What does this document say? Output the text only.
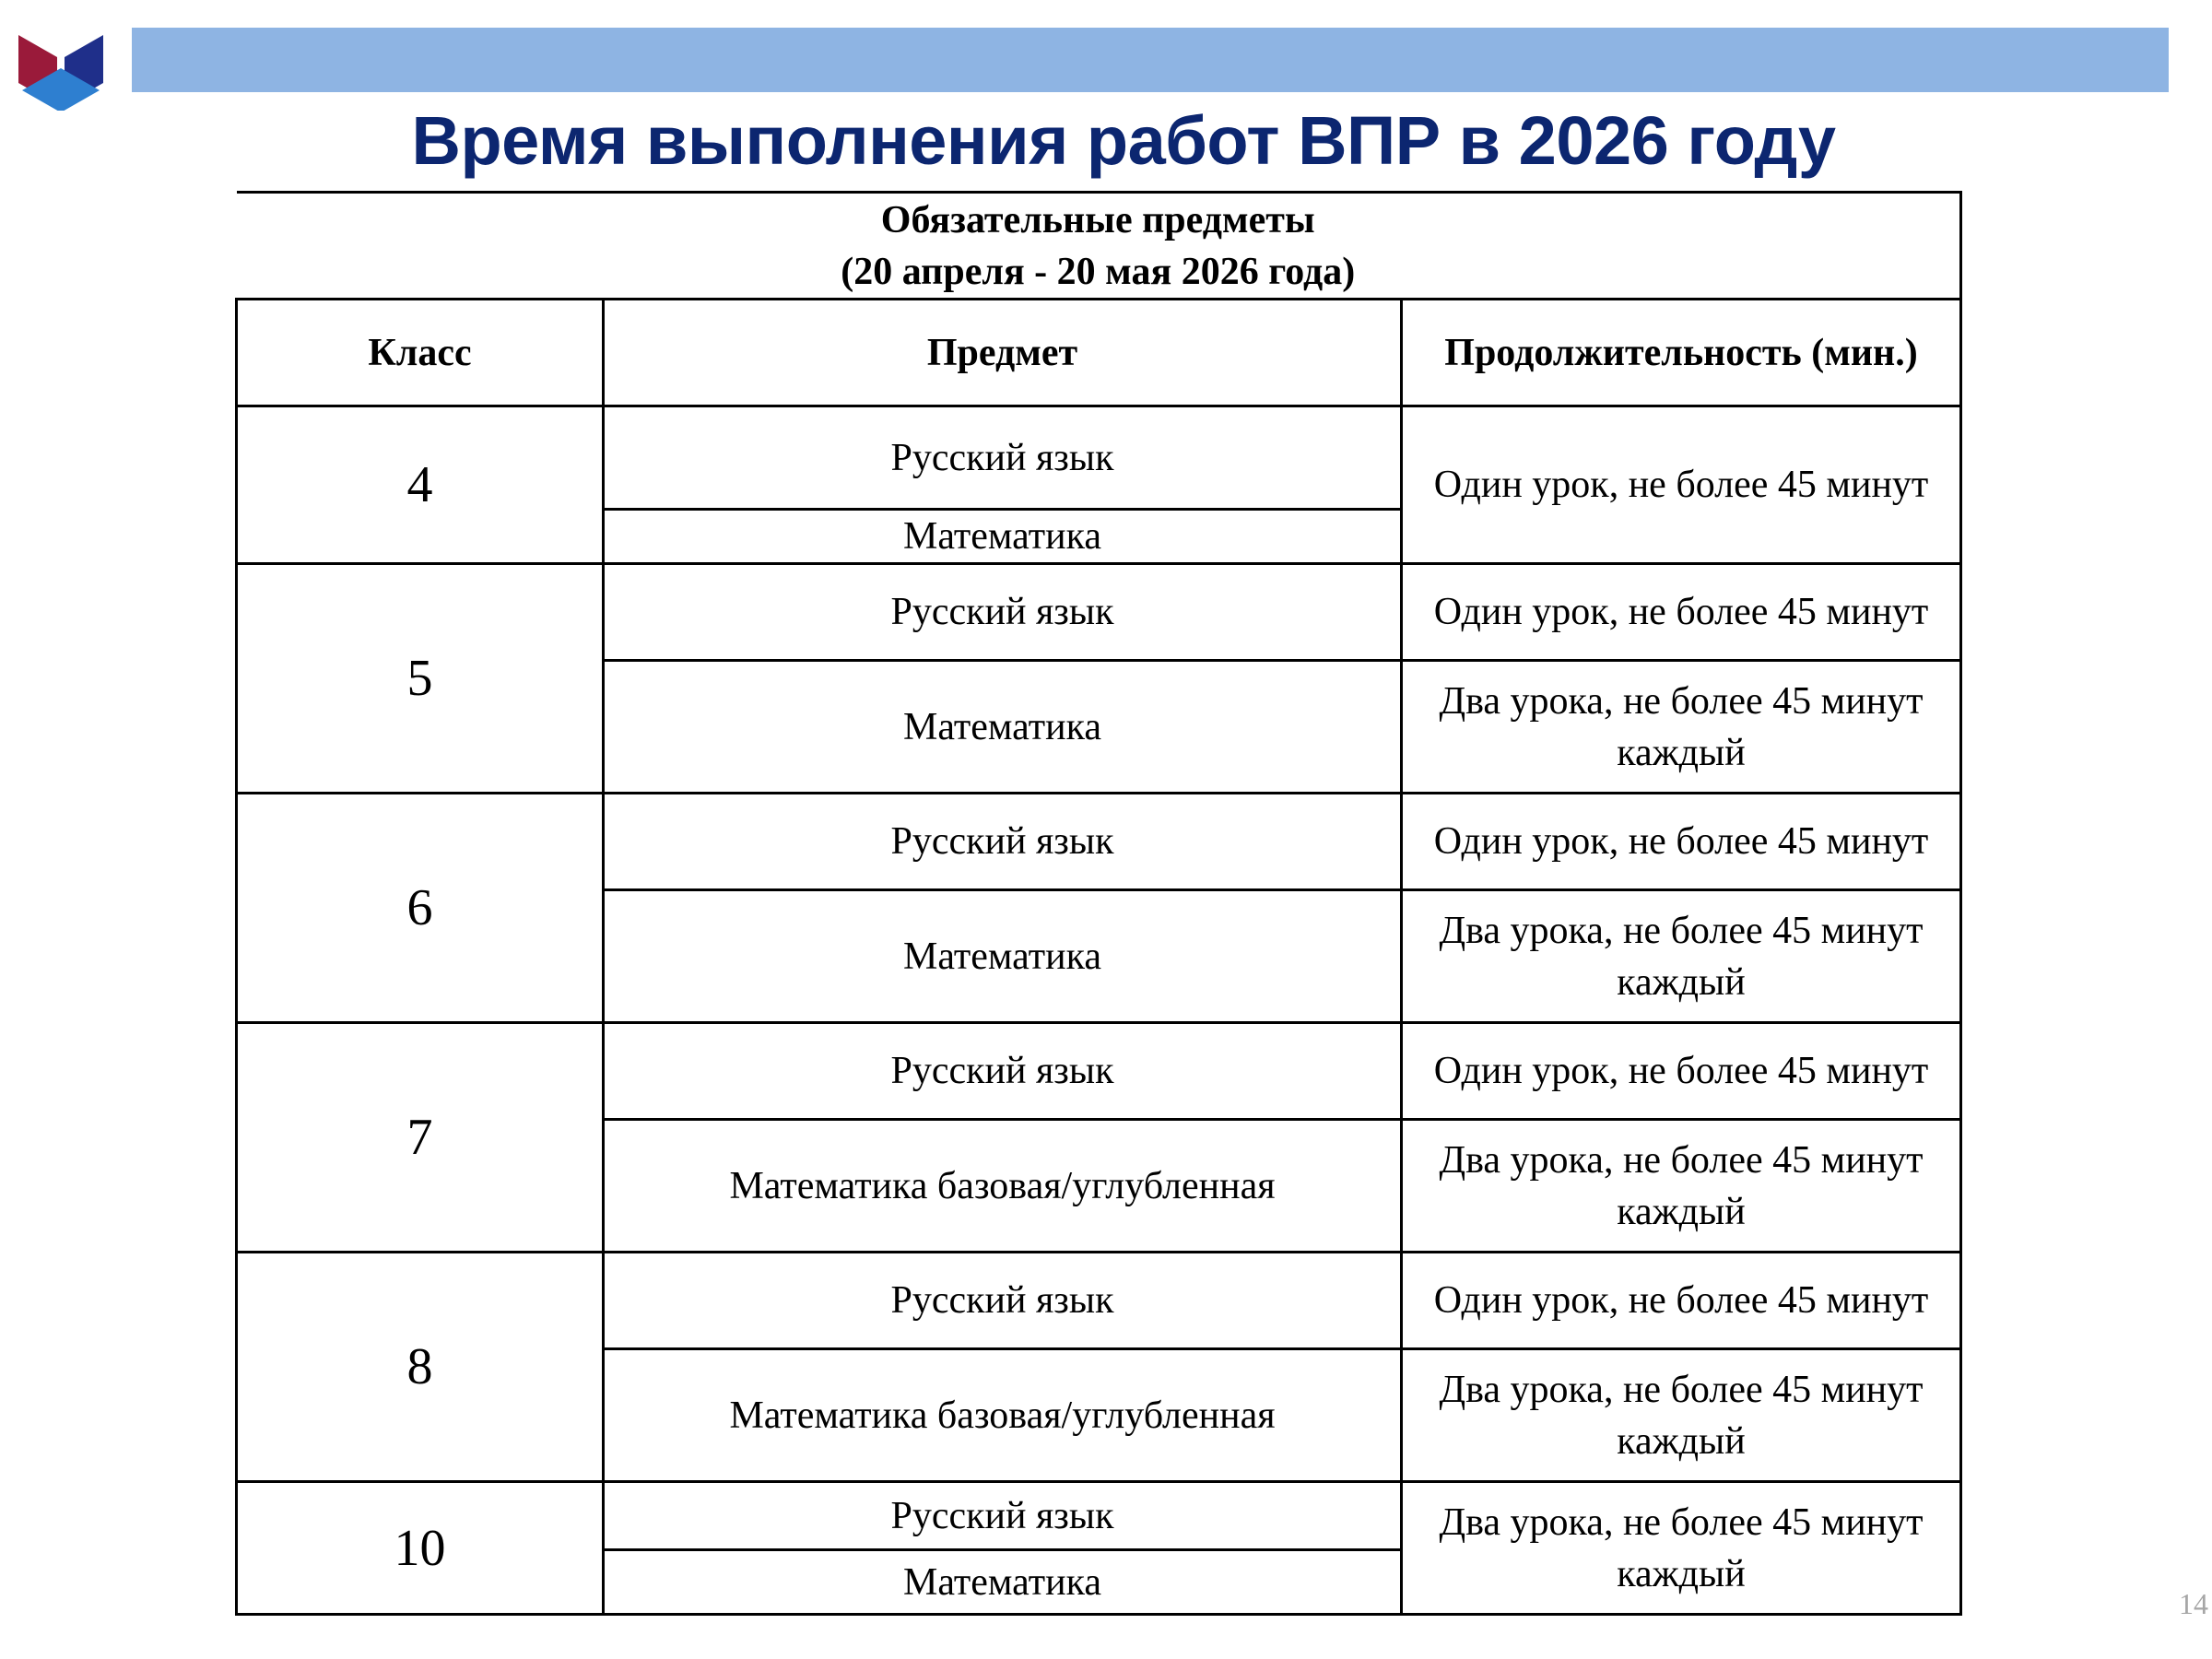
Время выполнения работ ВПР в 2026 году
Обязательные предметы
(20 апреля - 20 мая 2026 года)		

Класс	Предмет	Продолжительность (мин.)
4	Русский язык	Один урок, не более 45 минут
	Математика	
5	Русский язык	Один урок, не более 45 минут
	Математика	Два урока, не более 45 минут каждый
6	Русский язык	Один урок, не более 45 минут
	Математика	Два урока, не более 45 минут каждый
7	Русский язык	Один урок, не более 45 минут
	Математика базовая/углубленная	Два урока, не более 45 минут каждый
8	Русский язык	Один урок, не более 45 минут
	Математика базовая/углубленная	Два урока, не более 45 минут каждый
10	Русский язык	Два урока, не более 45 минут каждый
	Математика	
14
